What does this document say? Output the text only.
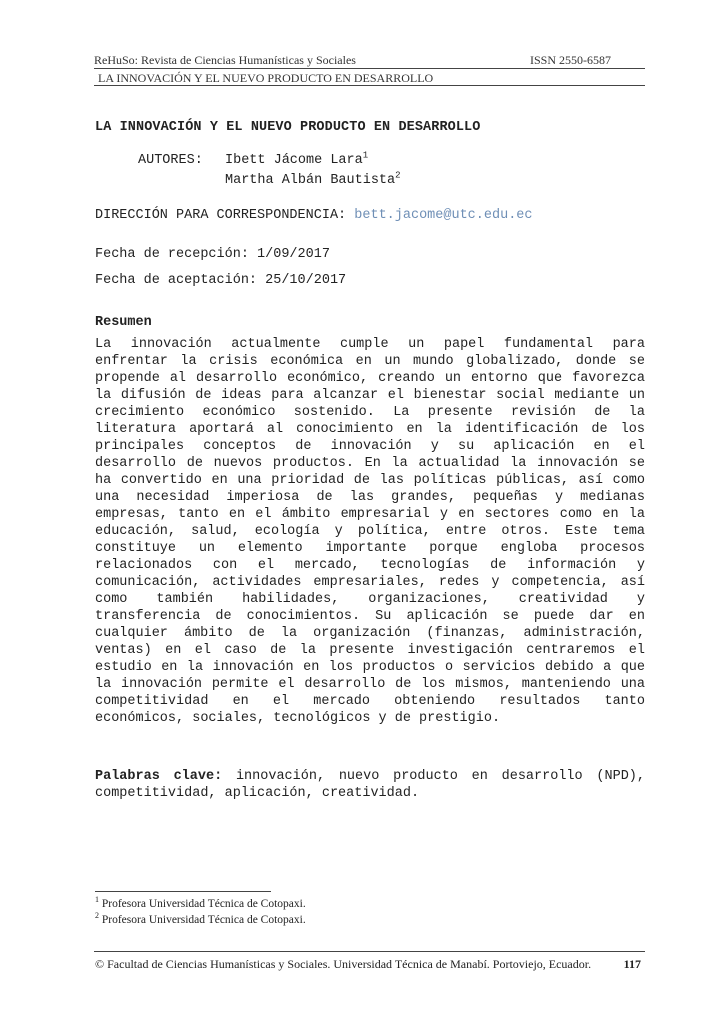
ReHuSo: Revista de Ciencias Humanísticas y Sociales	ISSN 2550-6587
LA INNOVACIÓN Y EL NUEVO PRODUCTO EN DESARROLLO
LA INNOVACIÓN Y EL NUEVO PRODUCTO EN DESARROLLO
AUTORES: Ibett Jácome Lara$^1$
Martha Albán Bautista$^2$
DIRECCIÓN PARA CORRESPONDENCIA: bett.jacome@utc.edu.ec
Fecha de recepción: 1/09/2017
Fecha de aceptación: 25/10/2017
Resumen
La innovación actualmente cumple un papel fundamental para enfrentar la crisis económica en un mundo globalizado, donde se propende al desarrollo económico, creando un entorno que favorezca la difusión de ideas para alcanzar el bienestar social mediante un crecimiento económico sostenido. La presente revisión de la literatura aportará al conocimiento en la identificación de los principales conceptos de innovación y su aplicación en el desarrollo de nuevos productos. En la actualidad la innovación se ha convertido en una prioridad de las políticas públicas, así como una necesidad imperiosa de las grandes, pequeñas y medianas empresas, tanto en el ámbito empresarial y en sectores como en la educación, salud, ecología y política, entre otros. Este tema constituye un elemento importante porque engloba procesos relacionados con el mercado, tecnologías de información y comunicación, actividades empresariales, redes y competencia, así como también habilidades, organizaciones, creatividad y transferencia de conocimientos. Su aplicación se puede dar en cualquier ámbito de la organización (finanzas, administración, ventas) en el caso de la presente investigación centraremos el estudio en la innovación en los productos o servicios debido a que la innovación permite el desarrollo de los mismos, manteniendo una competitividad en el mercado obteniendo resultados tanto económicos, sociales, tecnológicos y de prestigio.
Palabras clave: innovación, nuevo producto en desarrollo (NPD), competitividad, aplicación, creatividad.
$^1$ Profesora Universidad Técnica de Cotopaxi.
$^2$ Profesora Universidad Técnica de Cotopaxi.
© Facultad de Ciencias Humanísticas y Sociales. Universidad Técnica de Manabí. Portoviejo, Ecuador.	117
